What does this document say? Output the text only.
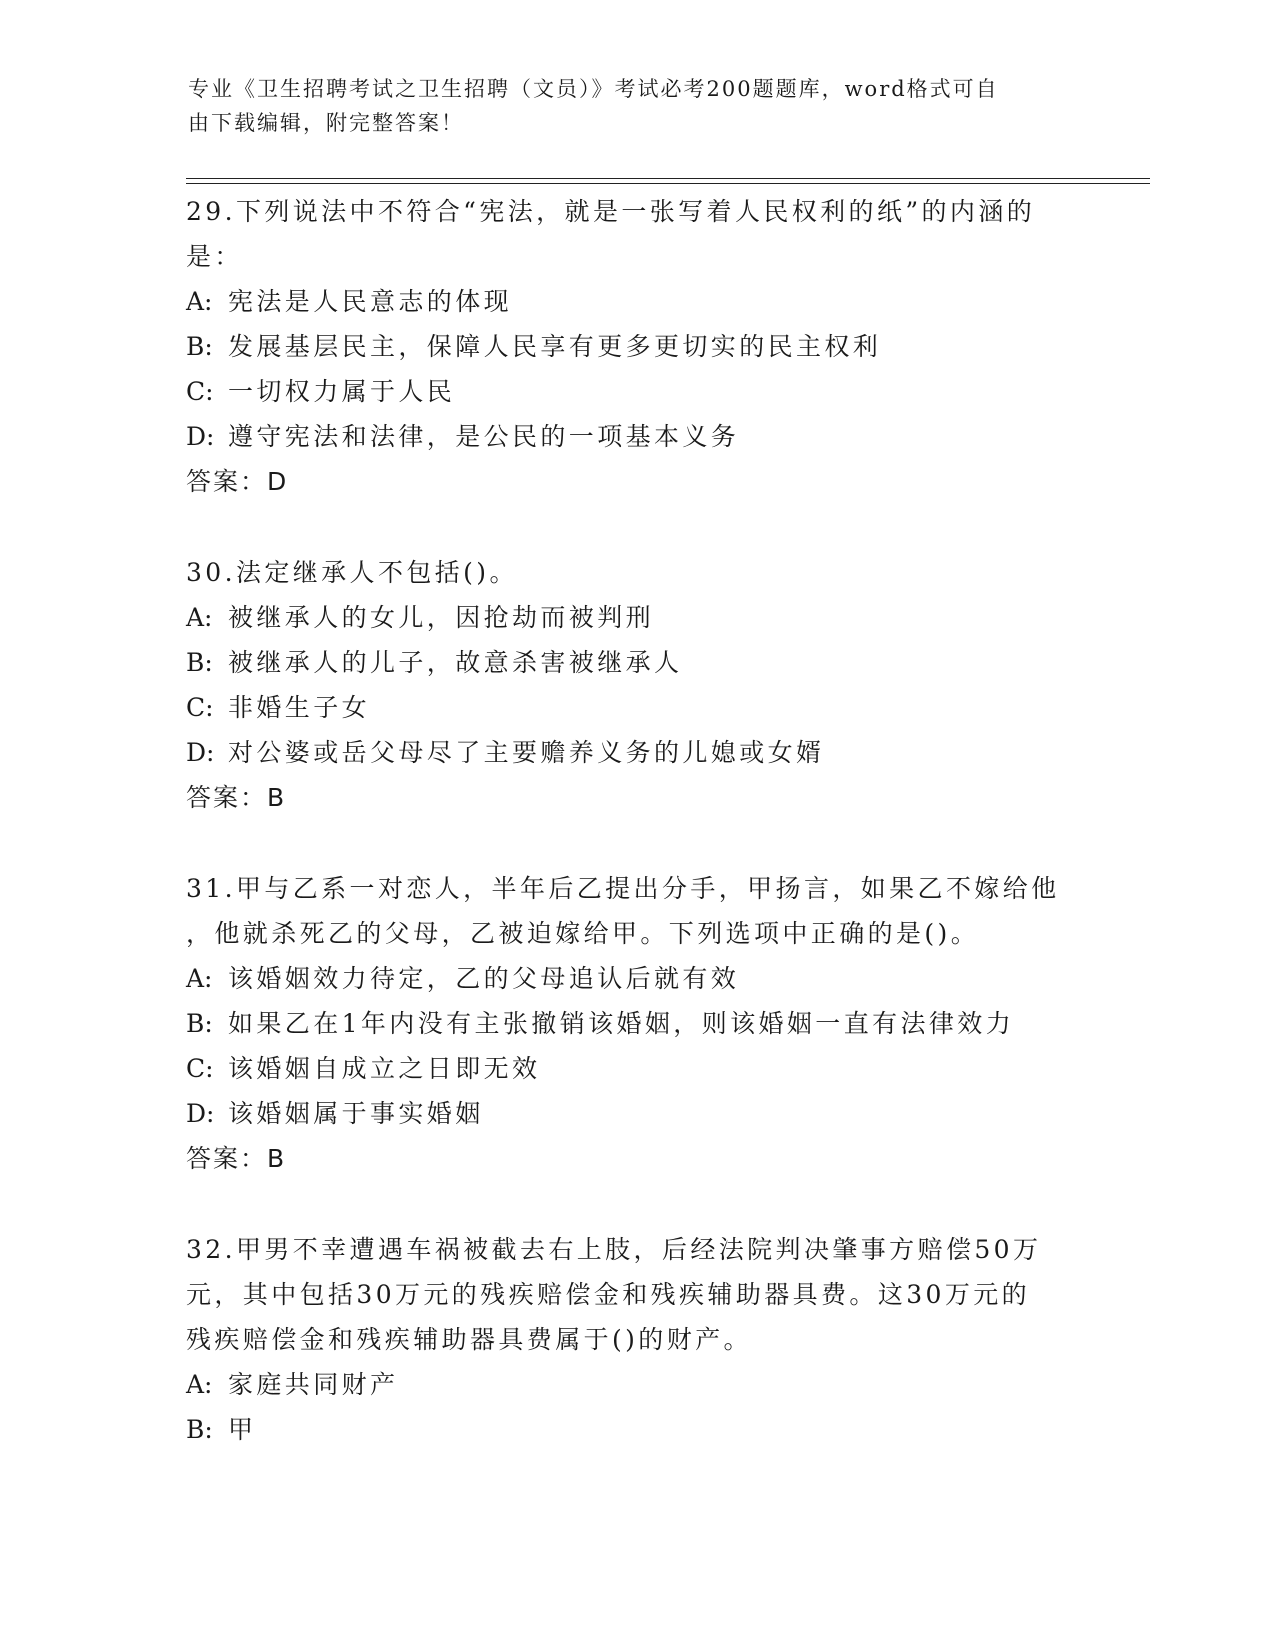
专业《卫生招聘考试之卫生招聘（文员）》考试必考200题题库，word格式可自
由下载编辑，附完整答案！
29.下列说法中不符合“宪法，就是一张写着人民权利的纸”的内涵的
是：
A: 宪法是人民意志的体现
B: 发展基层民主，保障人民享有更多更切实的民主权利
C: 一切权力属于人民
D: 遵守宪法和法律，是公民的一项基本义务
答案：D
30.法定继承人不包括()。
A: 被继承人的女儿，因抢劫而被判刑
B: 被继承人的儿子，故意杀害被继承人
C: 非婚生子女
D: 对公婆或岳父母尽了主要赡养义务的儿媳或女婿
答案：B
31.甲与乙系一对恋人，半年后乙提出分手，甲扬言，如果乙不嫁给他
，他就杀死乙的父母，乙被迫嫁给甲。下列选项中正确的是()。
A: 该婚姻效力待定，乙的父母追认后就有效
B: 如果乙在1年内没有主张撤销该婚姻，则该婚姻一直有法律效力
C: 该婚姻自成立之日即无效
D: 该婚姻属于事实婚姻
答案：B
32.甲男不幸遭遇车祸被截去右上肢，后经法院判决肇事方赔偿50万
元，其中包括30万元的残疾赔偿金和残疾辅助器具费。这30万元的
残疾赔偿金和残疾辅助器具费属于()的财产。
A: 家庭共同财产
B: 甲
